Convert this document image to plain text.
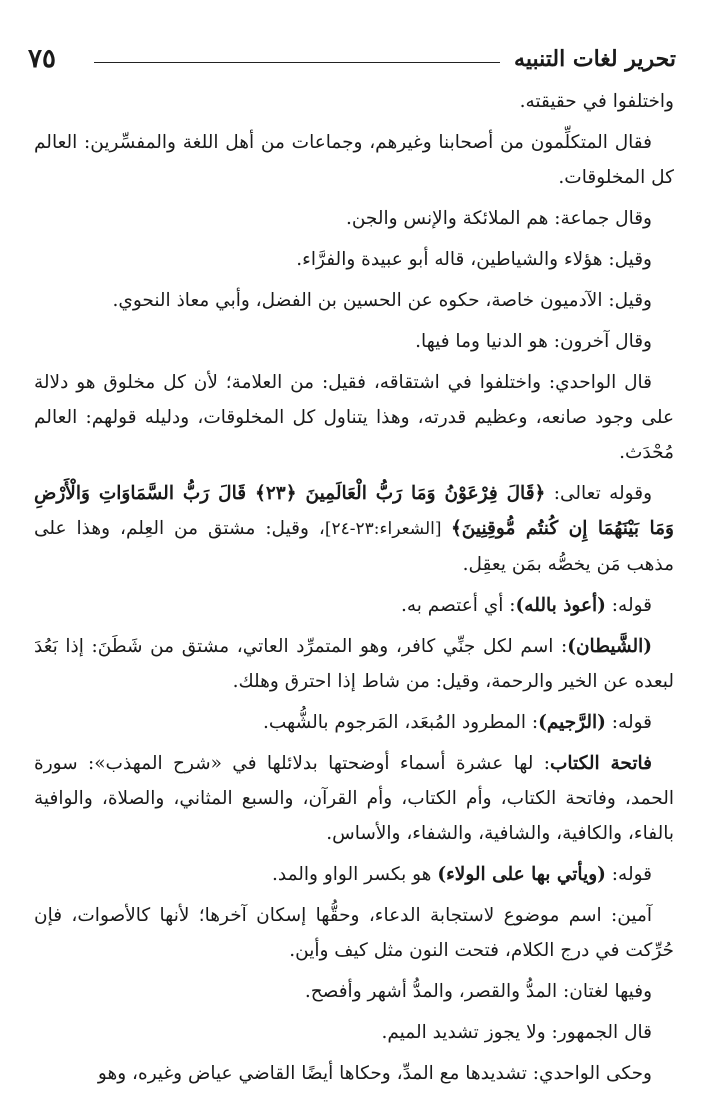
تحرير لغات التنبيه
٧٥

واختلفوا في حقيقته.

فقال المتكلِّمون من أصحابنا وغيرهم، وجماعات من أهل اللغة والمفسِّرين: العالم كل المخلوقات.

وقال جماعة: هم الملائكة والإنس والجن.

وقيل: هؤلاء والشياطين، قاله أبو عبيدة والفرَّاء.

وقيل: الآدميون خاصة، حكوه عن الحسين بن الفضل، وأبي معاذ النحوي.

وقال آخرون: هو الدنيا وما فيها.

قال الواحدي: واختلفوا في اشتقاقه، فقيل: من العلامة؛ لأن كل مخلوق هو دلالة على وجود صانعه، وعظيم قدرته، وهذا يتناول كل المخلوقات، ودليله قولهم: العالم مُحْدَث.

وقوله تعالى: ﴿قَالَ فِرْعَوْنُ وَمَا رَبُّ الْعَالَمِينَ ﴿٢٣﴾ قَالَ رَبُّ السَّمَاوَاتِ وَالْأَرْضِ وَمَا بَيْنَهُمَا إِن كُنتُم مُّوقِنِينَ﴾ [الشعراء:٢٣-٢٤]، وقيل: مشتق من العِلم، وهذا على مذهب مَن يخصُّه بمَن يعقِل.

قوله: (أعوذ بالله): أي أعتصم به.

(الشَّيطان): اسم لكل جنِّي كافر، وهو المتمرِّد العاتي، مشتق من شَطَنَ: إذا بَعُدَ لبعده عن الخير والرحمة، وقيل: من شاط إذا احترق وهلك.

قوله: (الرَّجيم): المطرود المُبعَد، المَرجوم بالشُّهب.

فاتحة الكتاب: لها عشرة أسماء أوضحتها بدلائلها في «شرح المهذب»: سورة الحمد، وفاتحة الكتاب، وأم الكتاب، وأم القرآن، والسبع المثاني، والصلاة، والوافية بالفاء، والكافية، والشافية، والشفاء، والأساس.

قوله: (ويأتي بها على الولاء) هو بكسر الواو والمد.

آمين: اسم موضوع لاستجابة الدعاء، وحقُّها إسكان آخرها؛ لأنها كالأصوات، فإن حُرِّكت في درج الكلام، فتحت النون مثل كيف وأين.

وفيها لغتان: المدُّ والقصر، والمدُّ أشهر وأفصح.

قال الجمهور: ولا يجوز تشديد الميم.

وحكى الواحدي: تشديدها مع المدِّ، وحكاها أيضًا القاضي عياض وغيره، وهو
